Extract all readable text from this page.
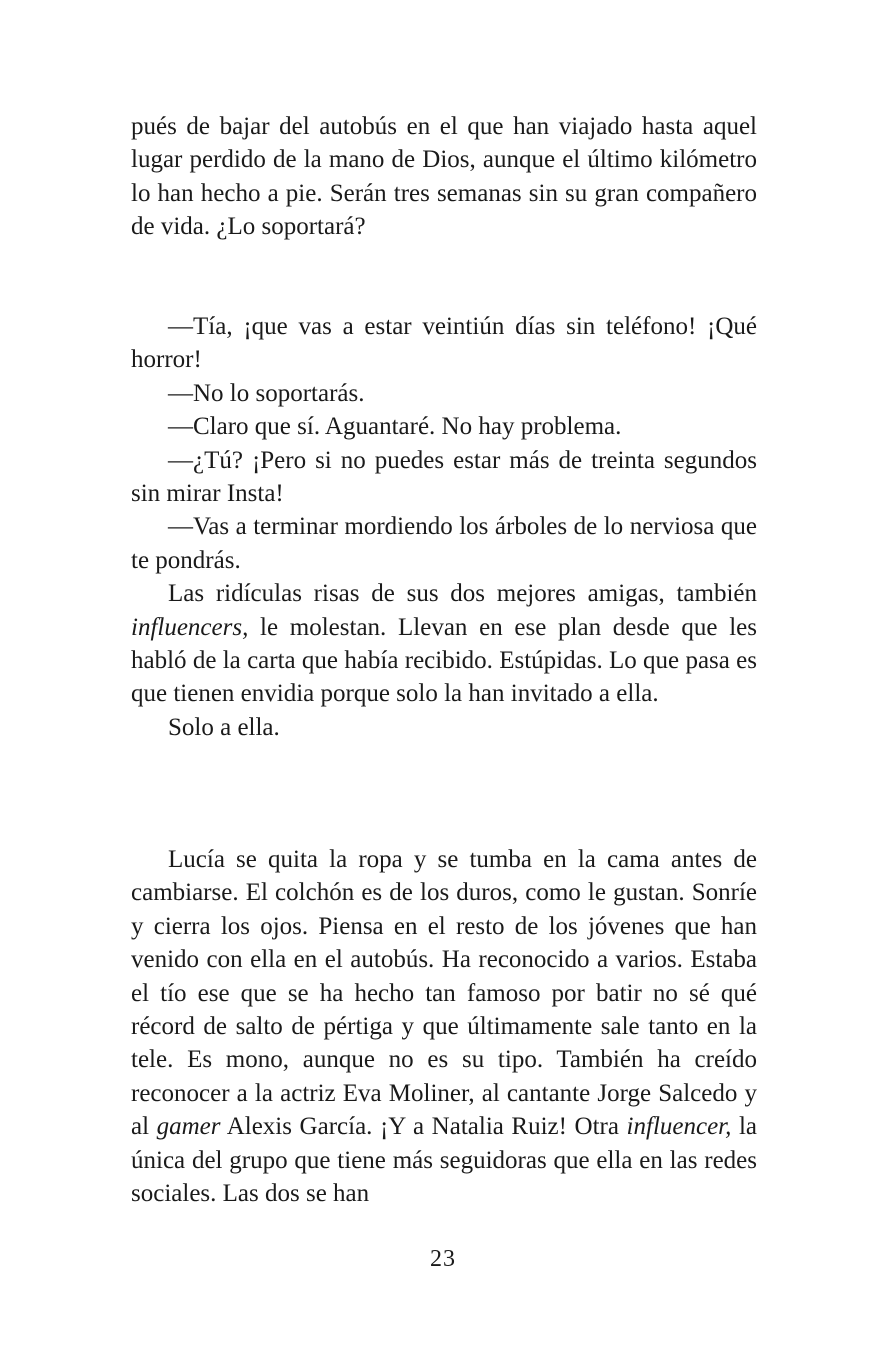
pués de bajar del autobús en el que han viajado hasta aquel lugar perdido de la mano de Dios, aunque el último kilómetro lo han hecho a pie. Serán tres semanas sin su gran compañero de vida. ¿Lo soportará?

—Tía, ¡que vas a estar veintiún días sin teléfono! ¡Qué horror!

—No lo soportarás.

—Claro que sí. Aguantaré. No hay problema.

—¿Tú? ¡Pero si no puedes estar más de treinta segundos sin mirar Insta!

—Vas a terminar mordiendo los árboles de lo nerviosa que te pondrás.

Las ridículas risas de sus dos mejores amigas, también influencers, le molestan. Llevan en ese plan desde que les habló de la carta que había recibido. Estúpidas. Lo que pasa es que tienen envidia porque solo la han invitado a ella.

Solo a ella.

Lucía se quita la ropa y se tumba en la cama antes de cambiarse. El colchón es de los duros, como le gustan. Sonríe y cierra los ojos. Piensa en el resto de los jóvenes que han venido con ella en el autobús. Ha reconocido a varios. Estaba el tío ese que se ha hecho tan famoso por batir no sé qué récord de salto de pértiga y que últimamente sale tanto en la tele. Es mono, aunque no es su tipo. También ha creído reconocer a la actriz Eva Moliner, al cantante Jorge Salcedo y al gamer Alexis García. ¡Y a Natalia Ruiz! Otra influencer, la única del grupo que tiene más seguidoras que ella en las redes sociales. Las dos se han

23
